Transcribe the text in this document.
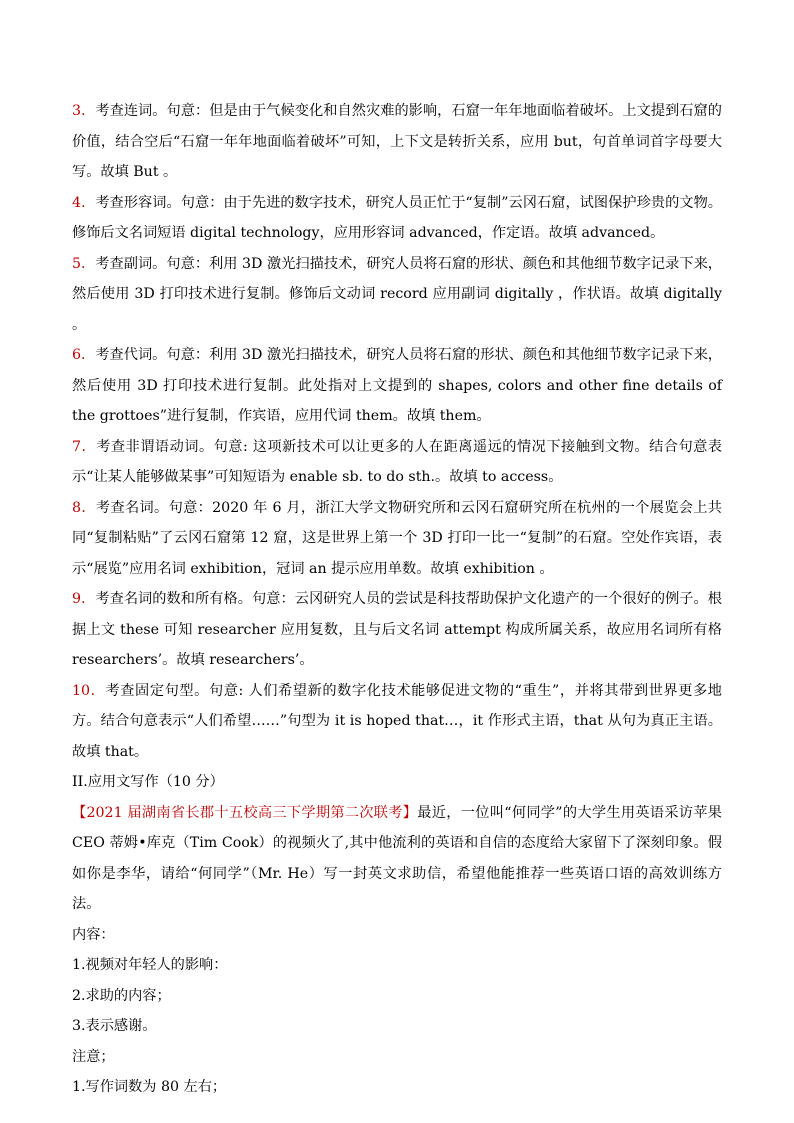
3．考查连词。句意：但是由于气候变化和自然灾难的影响，石窟一年年地面临着破坏。上文提到石窟的价值，结合空后“石窟一年年地面临着破坏”可知，上下文是转折关系，应用 but，句首单词首字母要大写。故填 But 。

4．考查形容词。句意：由于先进的数字技术，研究人员正忙于“复制”云冈石窟，试图保护珍贵的文物。修饰后文名词短语 digital technology，应用形容词 advanced，作定语。故填 advanced。

5．考查副词。句意：利用 3D 激光扫描技术，研究人员将石窟的形状、颜色和其他细节数字记录下来，然后使用 3D 打印技术进行复制。修饰后文动词 record 应用副词 digitally ，作状语。故填 digitally 。

6．考查代词。句意：利用 3D 激光扫描技术，研究人员将石窟的形状、颜色和其他细节数字记录下来，然后使用 3D 打印技术进行复制。此处指对上文提到的 shapes, colors and other fine details of the grottoes”进行复制，作宾语，应用代词 them。故填 them。

7．考查非谓语动词。句意: 这项新技术可以让更多的人在距离遥远的情况下接触到文物。结合句意表示“让某人能够做某事”可知短语为 enable sb. to do sth.。故填 to access。

8．考查名词。句意：2020 年 6 月，浙江大学文物研究所和云冈石窟研究所在杭州的一个展览会上共同“复制粘贴”了云冈石窟第 12 窟，这是世界上第一个 3D 打印一比一“复制”的石窟。空处作宾语，表示“展览”应用名词 exhibition，冠词 an 提示应用单数。故填 exhibition 。

9．考查名词的数和所有格。句意：云冈研究人员的尝试是科技帮助保护文化遗产的一个很好的例子。根据上文 these 可知 researcher 应用复数，且与后文名词 attempt 构成所属关系，故应用名词所有格 researchers’。故填 researchers’。

10．考查固定句型。句意: 人们希望新的数字化技术能够促进文物的“重生”，并将其带到世界更多地方。结合句意表示“人们希望……”句型为 it is hoped that…，it 作形式主语，that 从句为真正主语。故填 that。

II.应用文写作（10 分）

【2021 届湖南省长郡十五校高三下学期第二次联考】最近，一位叫“何同学”的大学生用英语采访苹果 CEO 蒂姆•库克（Tim Cook）的视频火了,其中他流利的英语和自信的态度给大家留下了深刻印象。假如你是李华，请给“何同学”（Mr. He）写一封英文求助信，希望他能推荐一些英语口语的高效训练方法。

内容：

1.视频对年轻人的影响：

2.求助的内容；

3.表示感谢。

注意；

1.写作词数为 80 左右；
